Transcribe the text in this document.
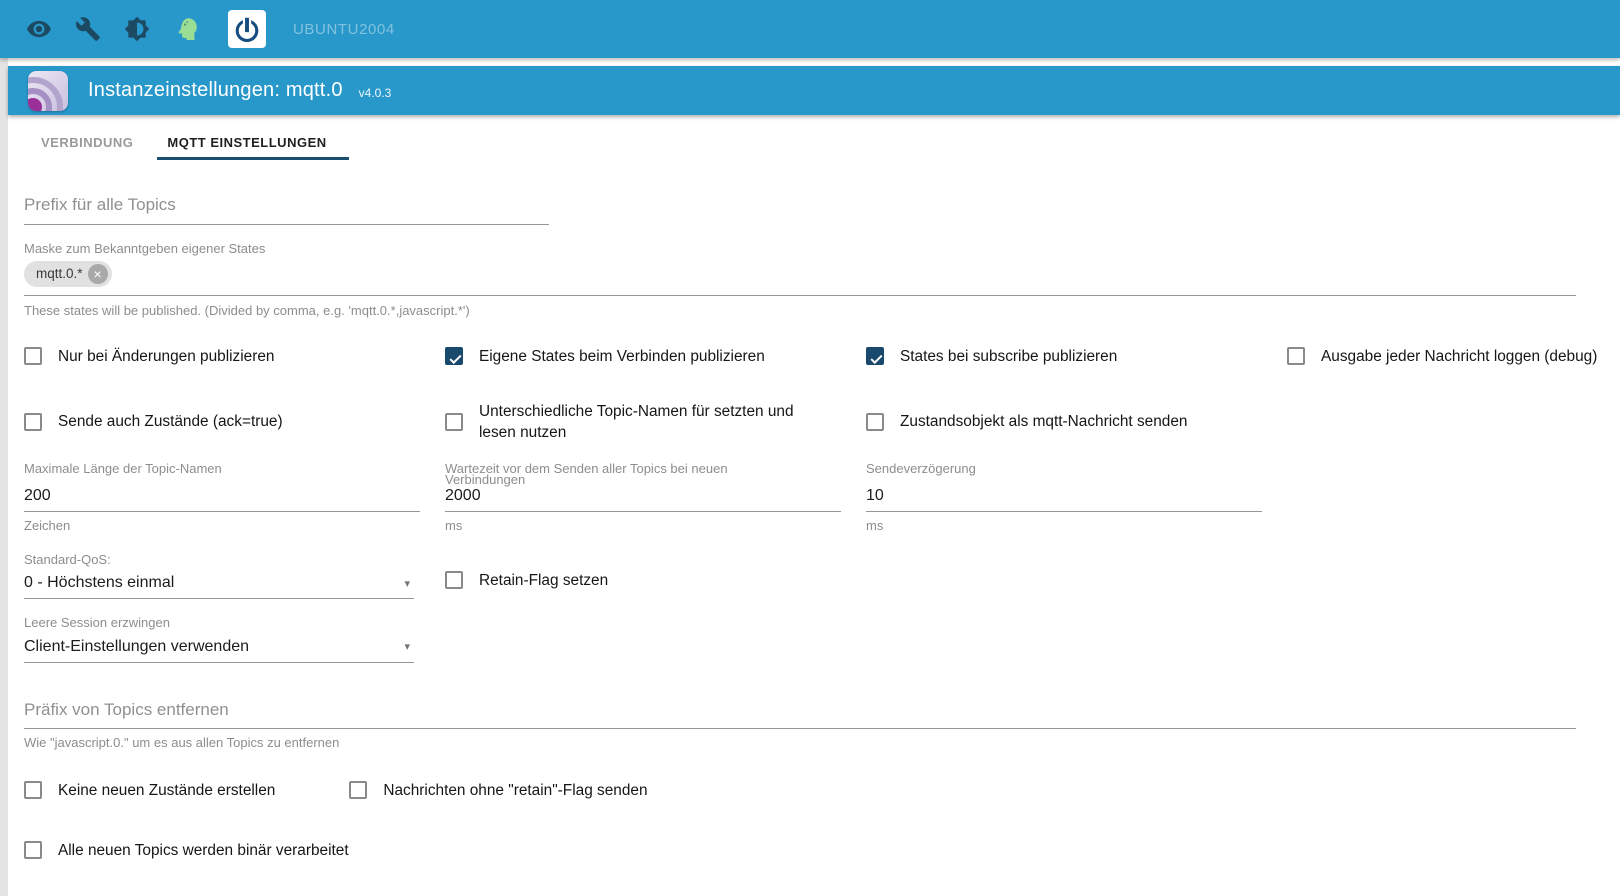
UBUNTU2004
Instanzeinstellungen: mqtt.0 v4.0.3
VERBINDUNG	MQTT EINSTELLUNGEN
Prefix für alle Topics
Maske zum Bekanntgeben eigener States
mqtt.0.* ×
These states will be published. (Divided by comma, e.g. 'mqtt.0.*,javascript.*')
Nur bei Änderungen publizieren	Eigene States beim Verbinden publizieren	States bei subscribe publizieren	Ausgabe jeder Nachricht loggen (debug)
Sende auch Zustände (ack=true)
Unterschiedliche Topic-Namen für setzten und lesen nutzen
Zustandsobjekt als mqtt-Nachricht senden
Maximale Länge der Topic-Namen
200
Zeichen
Wartezeit vor dem Senden aller Topics bei neuen Verbindungen
2000
ms
Sendeverzögerung
10
ms
Standard-QoS:
0 - Höchstens einmal	▾	Retain-Flag setzen
Leere Session erzwingen
Client-Einstellungen verwenden	▾
Präfix von Topics entfernen
Wie "javascript.0." um es aus allen Topics zu entfernen
Keine neuen Zustände erstellen	Nachrichten ohne "retain"-Flag senden
Alle neuen Topics werden binär verarbeitet
